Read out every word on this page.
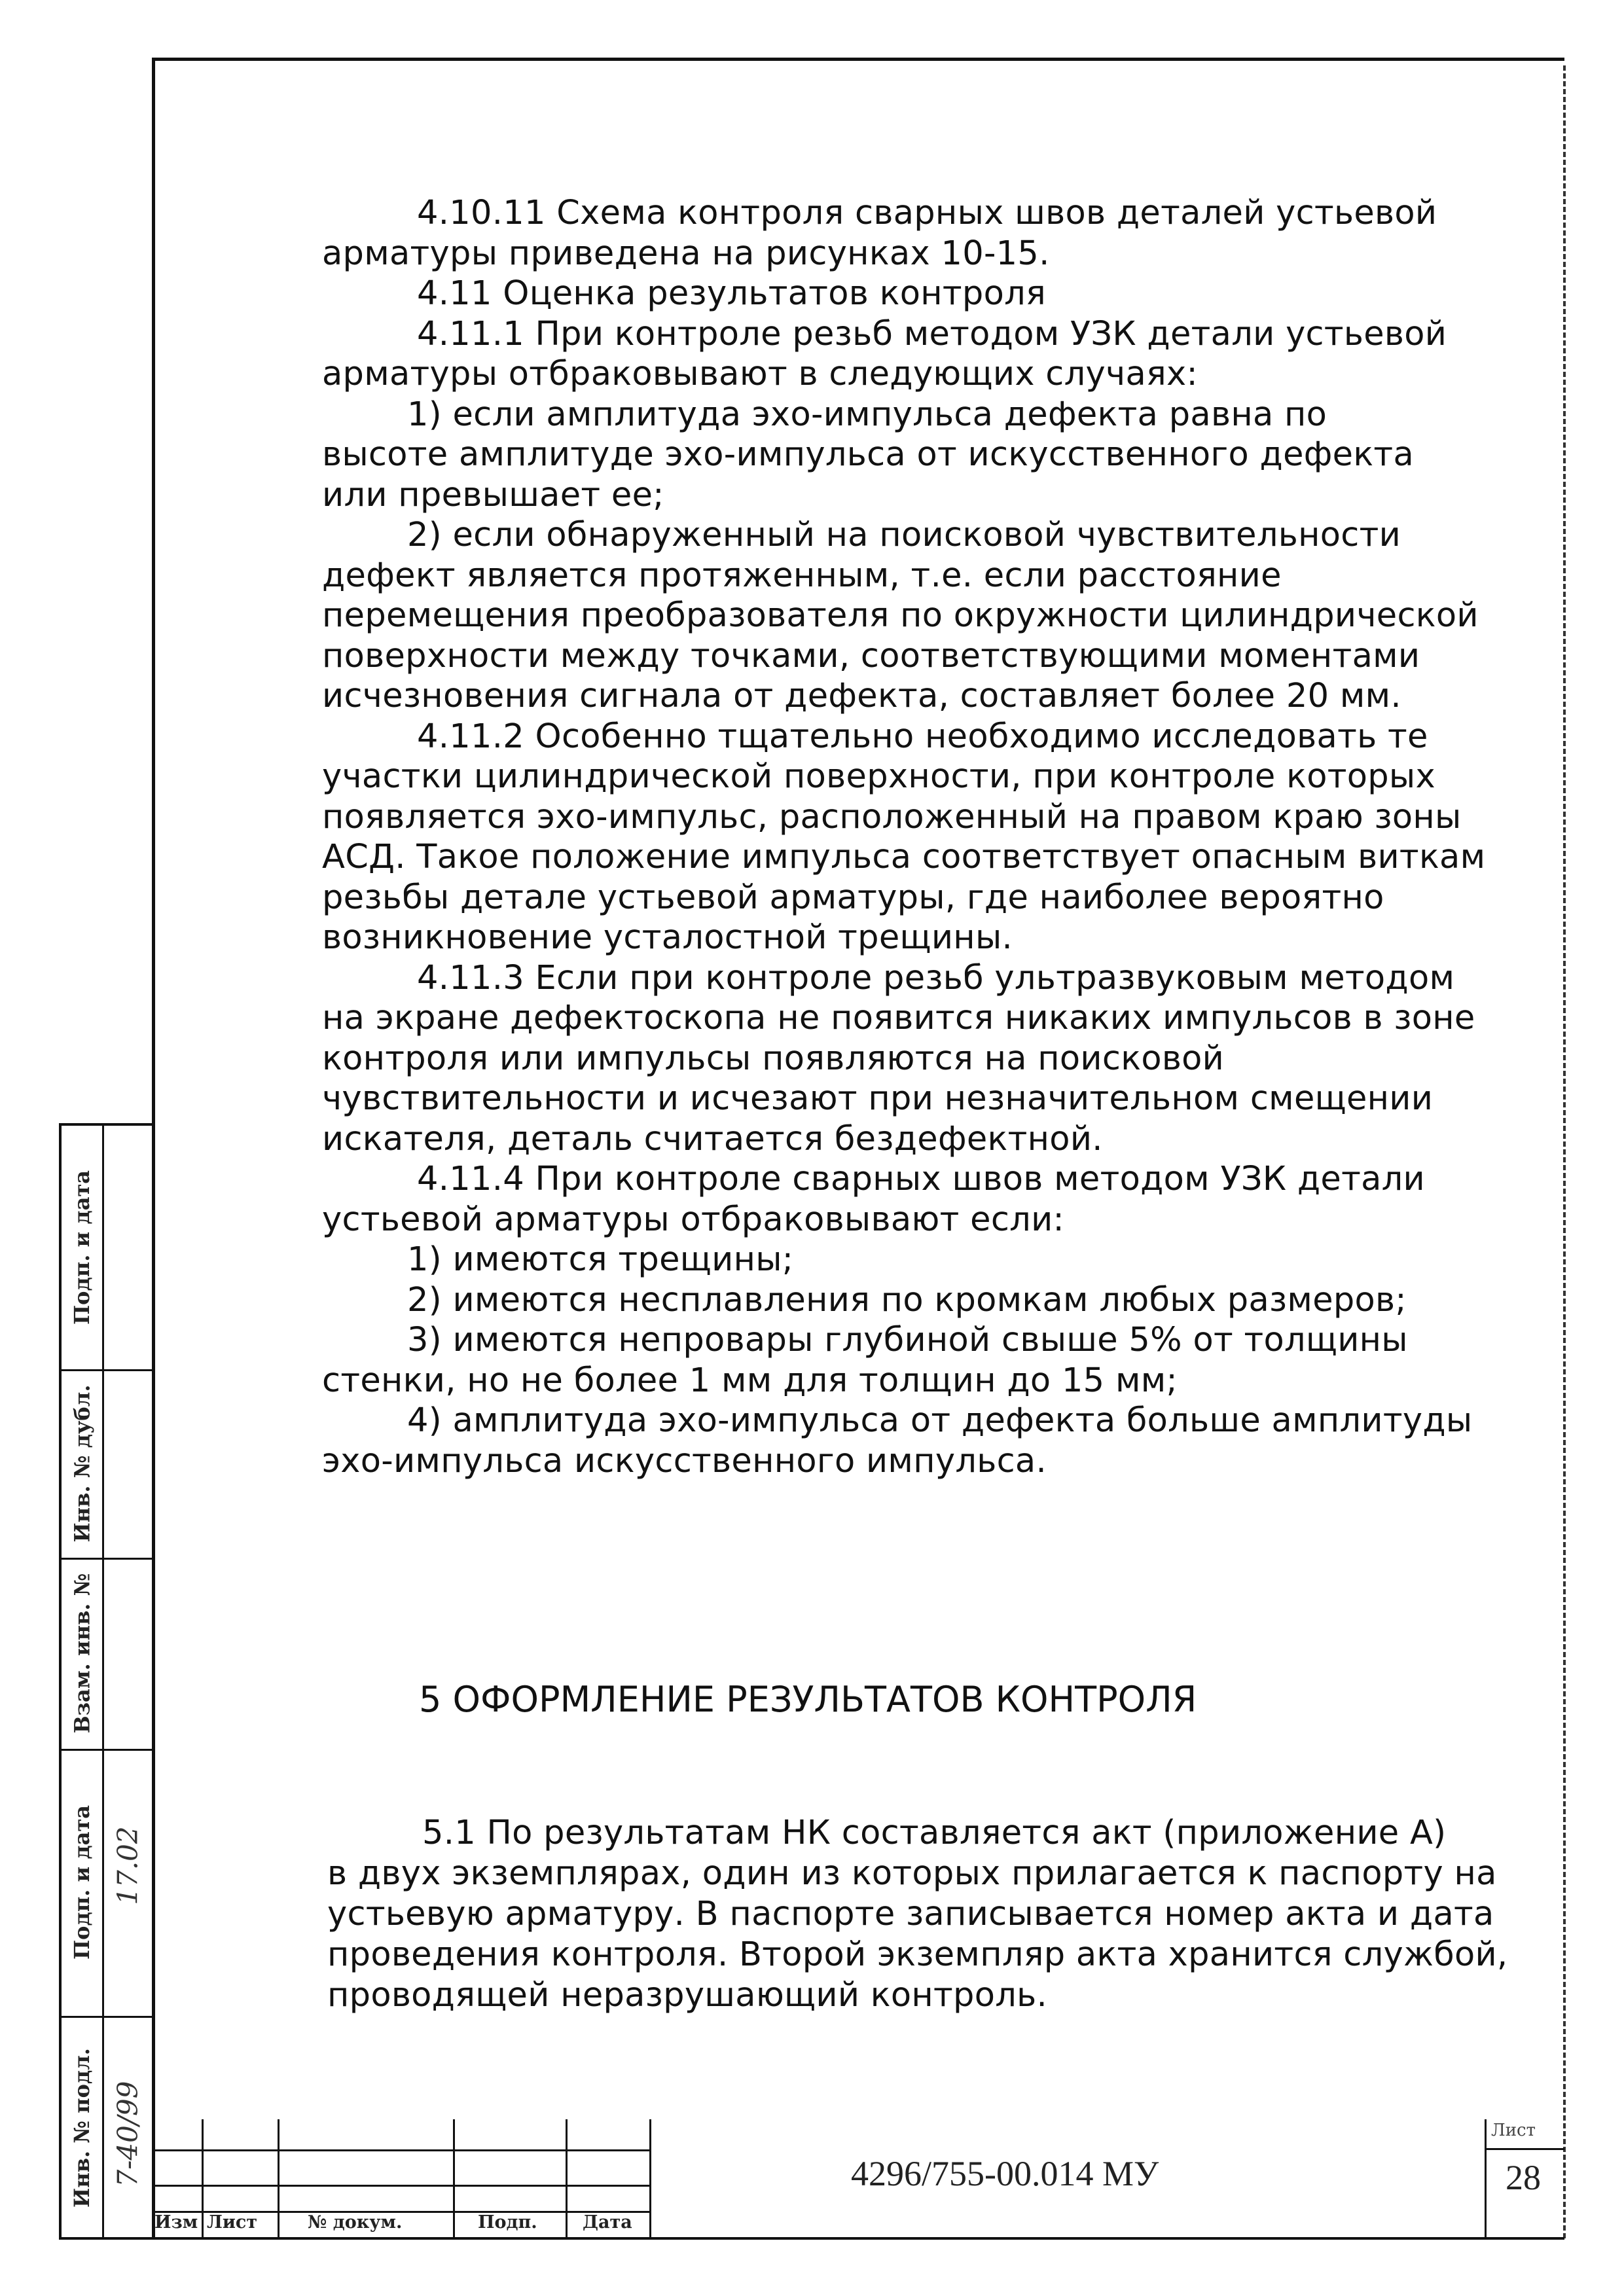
4.10.11 Схема контроля сварных швов деталей устьевой

арматуры приведена на рисунках 10-15.

4.11 Оценка результатов контроля

4.11.1 При контроле резьб методом УЗК детали устьевой

арматуры отбраковывают в следующих случаях:

1) если амплитуда эхо-импульса дефекта равна по

высоте амплитуде эхо-импульса от искусственного дефекта

или превышает ее;

2) если обнаруженный на поисковой чувствительности

дефект является протяженным, т.е. если расстояние

перемещения преобразователя по окружности цилиндрической

поверхности между точками, соответствующими моментами

исчезновения сигнала от дефекта, составляет более 20 мм.

4.11.2 Особенно тщательно необходимо исследовать те

участки цилиндрической поверхности, при контроле которых

появляется эхо-импульс, расположенный на правом краю зоны

АСД. Такое положение импульса соответствует опасным виткам

резьбы детале устьевой арматуры, где наиболее вероятно

возникновение усталостной трещины.

4.11.3 Если при контроле резьб ультразвуковым методом

на экране дефектоскопа не появится никаких импульсов в зоне

контроля или импульсы появляются на поисковой

чувствительности и исчезают при незначительном смещении

искателя, деталь считается бездефектной.

4.11.4 При контроле сварных швов методом УЗК детали

устьевой арматуры отбраковывают если:

1) имеются трещины;

2) имеются несплавления по кромкам любых размеров;

3) имеются непровары глубиной свыше 5% от толщины

стенки, но не более 1 мм для толщин до 15 мм;

4) амплитуда эхо-импульса от дефекта больше амплитуды

эхо-импульса искусственного импульса.

5 ОФОРМЛЕНИЕ РЕЗУЛЬТАТОВ КОНТРОЛЯ

5.1 По результатам НК составляется акт (приложение А)

в двух экземплярах, один из которых прилагается к паспорту на

устьевую арматуру. В паспорте записывается номер акта и дата

проведения контроля. Второй экземпляр акта хранится службой,

проводящей неразрушающий контроль.

Подп. и дата
Инв. № дубл.
Взам. инв. №
Подп. и дата
Инв. № подл.
17.02
7-40/99
Изм Лист	№ докум.	Подп.	Дата
4296/755-00.014 МУ
Лист
28
